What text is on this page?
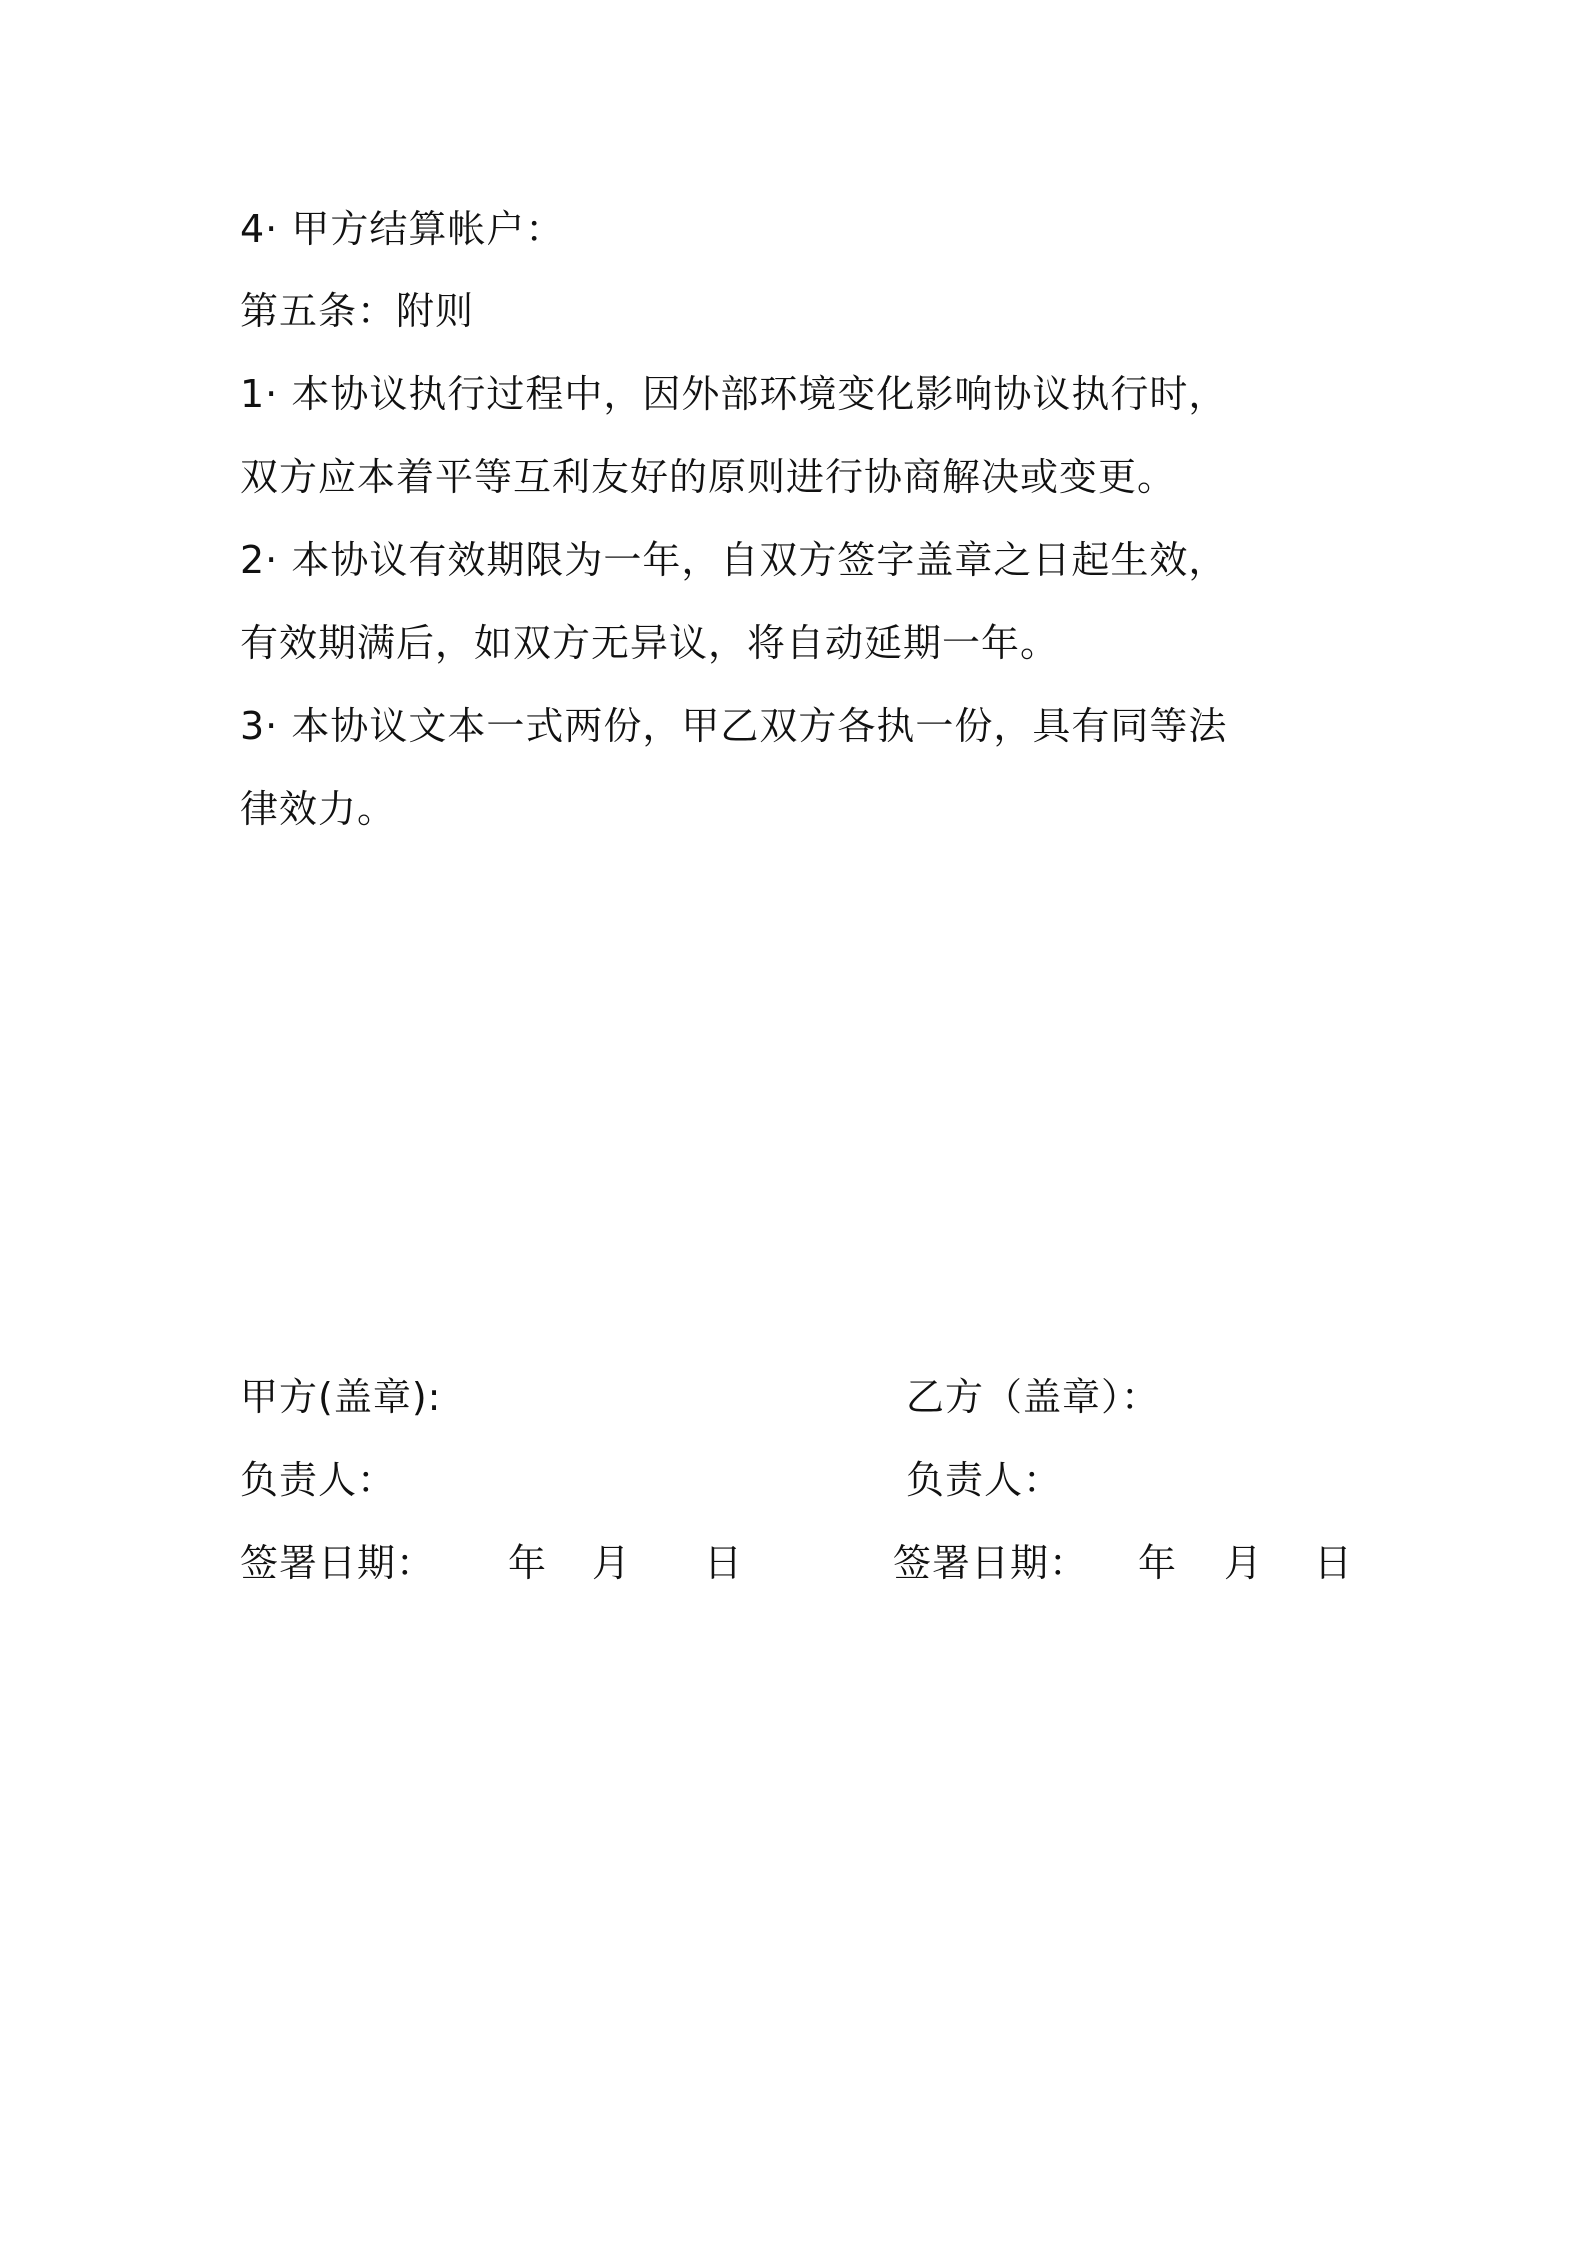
4· 甲方结算帐户：
第五条：附则
1· 本协议执行过程中，因外部环境变化影响协议执行时，
双方应本着平等互利友好的原则进行协商解决或变更。
2· 本协议有效期限为一年，自双方签字盖章之日起生效，
有效期满后，如双方无异议，将自动延期一年。
3· 本协议文本一式两份，甲乙双方各执一份，具有同等法
律效力。
甲方(盖章):
负责人：
签署日期： 年 月 日
乙方（盖章）：
负责人：
签署日期： 年 月 日
